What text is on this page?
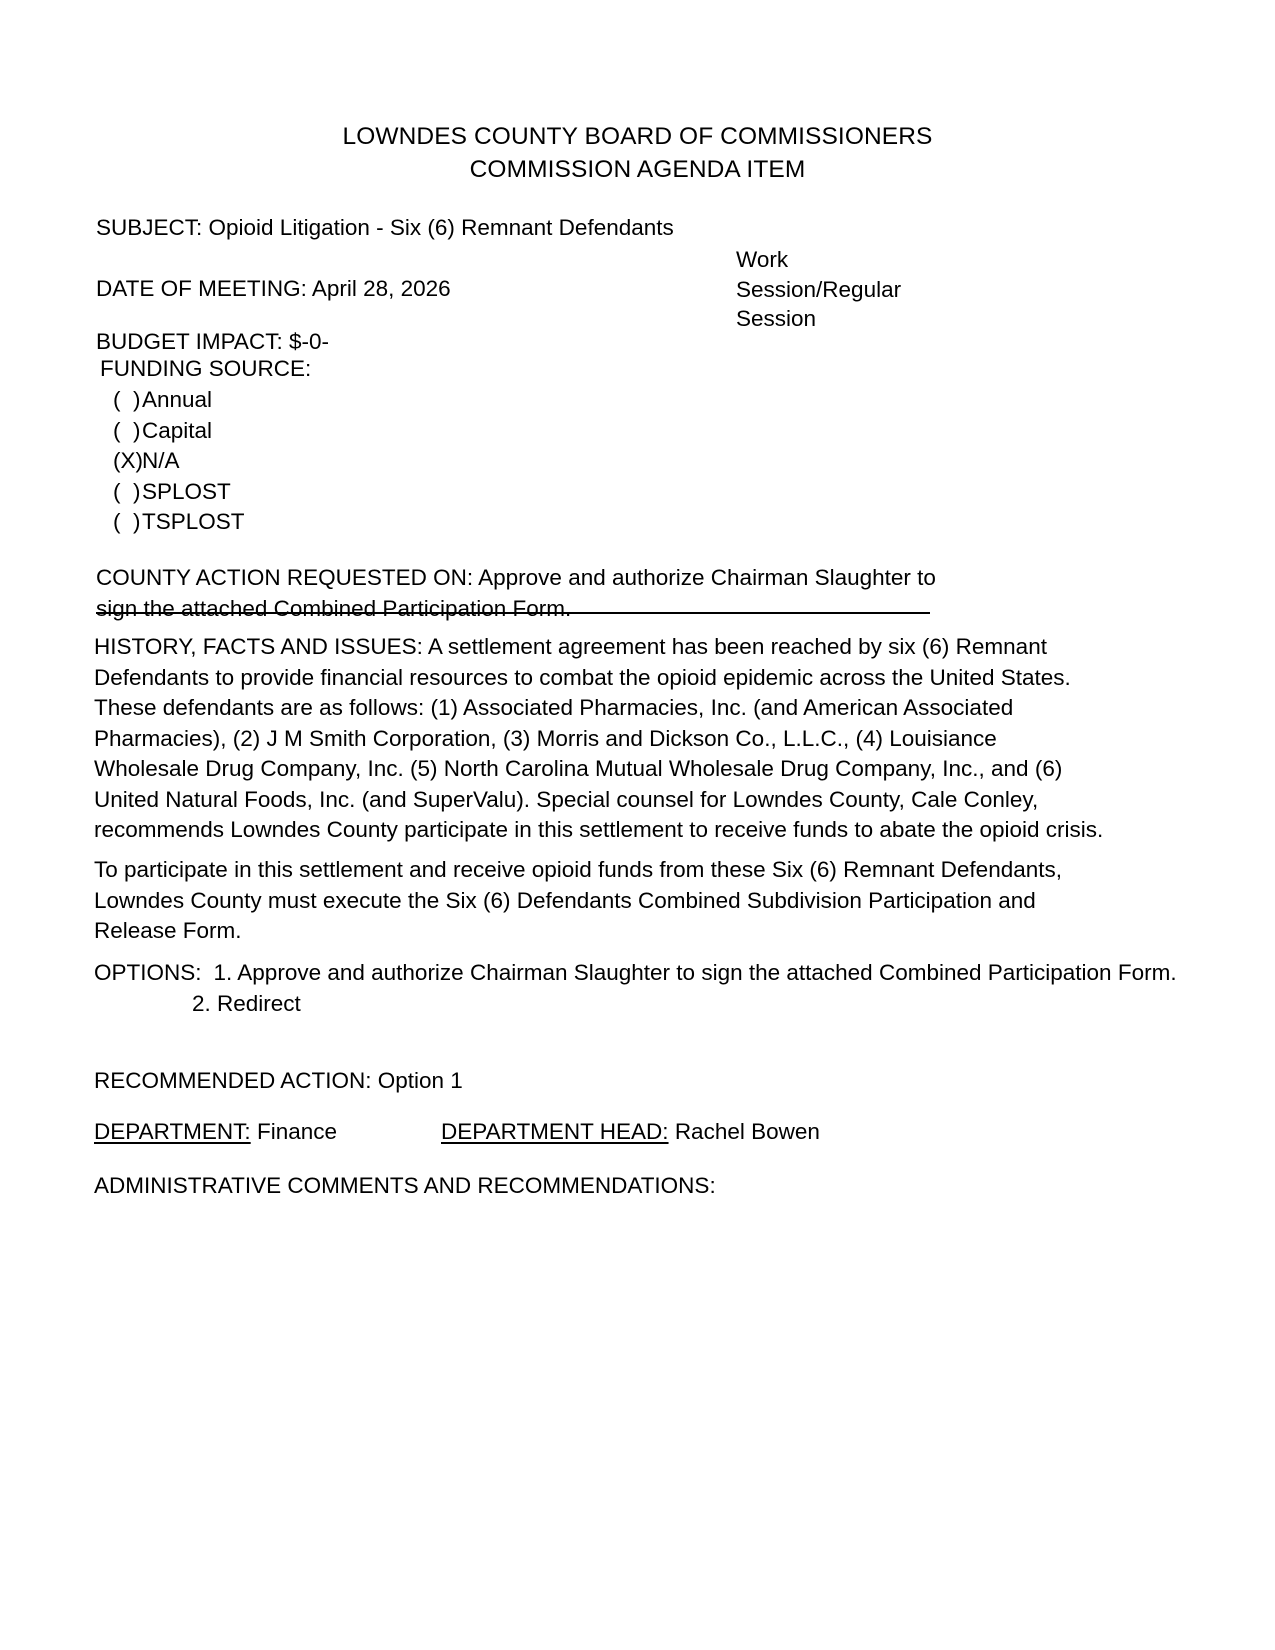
LOWNDES COUNTY BOARD OF COMMISSIONERS
COMMISSION AGENDA ITEM
SUBJECT: Opioid Litigation - Six (6) Remnant Defendants
DATE OF MEETING: April 28, 2026
Work
Session/Regular
Session
BUDGET IMPACT: $-0-
FUNDING SOURCE:
(  ) Annual
(  ) Capital
(X) N/A
(  ) SPLOST
(  ) TSPLOST
COUNTY ACTION REQUESTED ON: Approve and authorize Chairman Slaughter to sign the attached Combined Participation Form.
HISTORY, FACTS AND ISSUES: A settlement agreement has been reached by six (6) Remnant Defendants to provide financial resources to combat the opioid epidemic across the United States. These defendants are as follows: (1) Associated Pharmacies, Inc. (and American Associated Pharmacies), (2) J M Smith Corporation, (3) Morris and Dickson Co., L.L.C., (4) Louisiance Wholesale Drug Company, Inc. (5) North Carolina Mutual Wholesale Drug Company, Inc., and (6) United Natural Foods, Inc. (and SuperValu). Special counsel for Lowndes County, Cale Conley, recommends Lowndes County participate in this settlement to receive funds to abate the opioid crisis.
To participate in this settlement and receive opioid funds from these Six (6) Remnant Defendants, Lowndes County must execute the Six (6) Defendants Combined Subdivision Participation and Release Form.
OPTIONS: 1. Approve and authorize Chairman Slaughter to sign the attached Combined Participation Form.
2. Redirect
RECOMMENDED ACTION: Option 1
DEPARTMENT: Finance	DEPARTMENT HEAD: Rachel Bowen
ADMINISTRATIVE COMMENTS AND RECOMMENDATIONS:
